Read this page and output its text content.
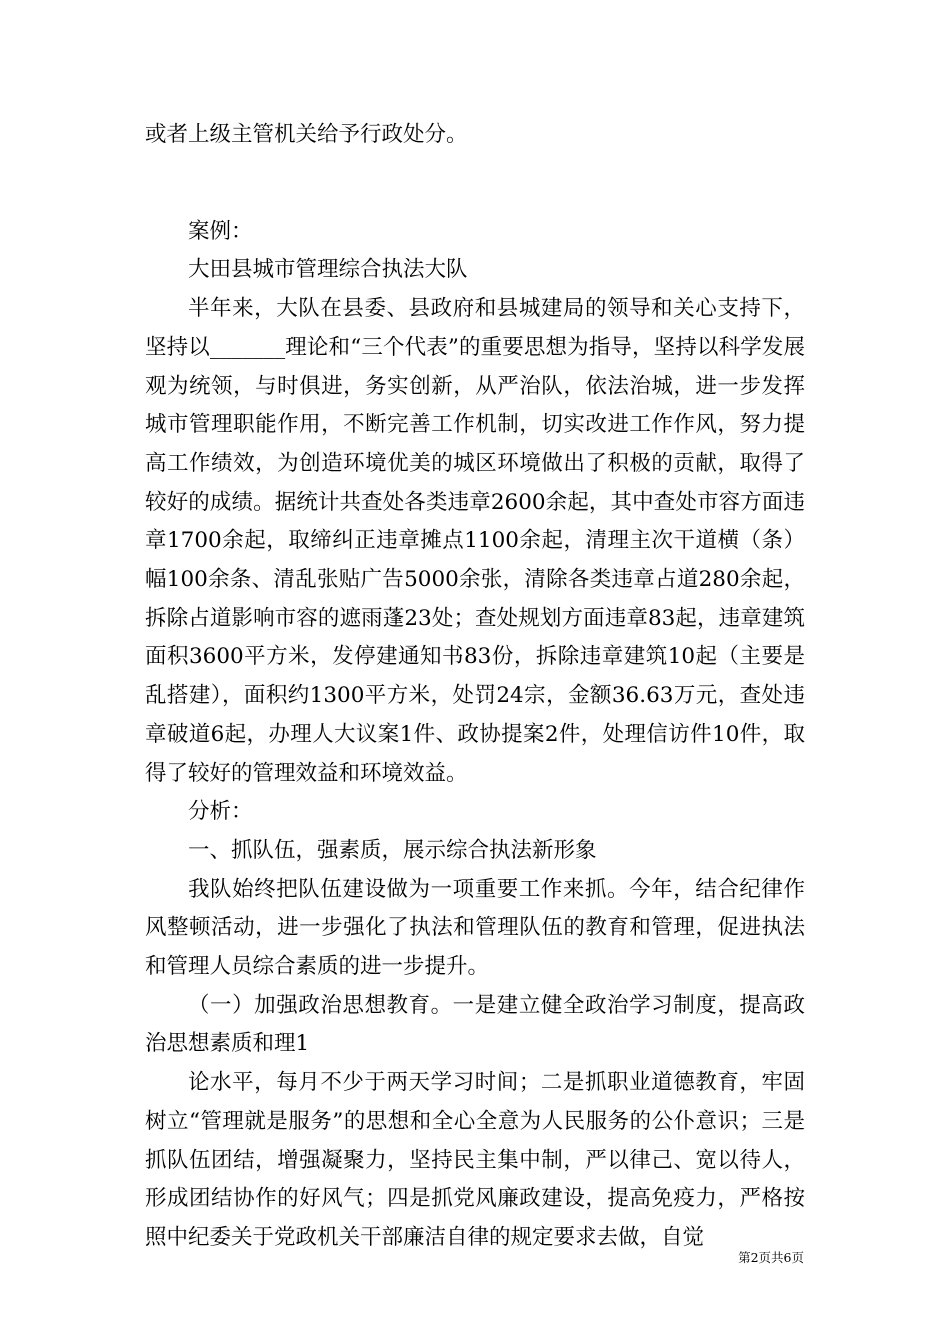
或者上级主管机关给予行政处分。

案例：

大田县城市管理综合执法大队

半年来，大队在县委、县政府和县城建局的领导和关心支持下，坚持以_______理论和“三个代表”的重要思想为指导，坚持以科学发展观为统领，与时俱进，务实创新，从严治队，依法治城，进一步发挥城市管理职能作用，不断完善工作机制，切实改进工作作风，努力提高工作绩效，为创造环境优美的城区环境做出了积极的贡献，取得了较好的成绩。据统计共查处各类违章2600余起，其中查处市容方面违章1700余起，取缔纠正违章摊点1100余起，清理主次干道横（条）幅100余条、清乱张贴广告5000余张，清除各类违章占道280余起，拆除占道影响市容的遮雨蓬23处；查处规划方面违章83起，违章建筑面积3600平方米，发停建通知书83份，拆除违章建筑10起（主要是乱搭建），面积约1300平方米，处罚24宗，金额36.63万元，查处违章破道6起，办理人大议案1件、政协提案2件，处理信访件10件，取得了较好的管理效益和环境效益。

分析：

一、抓队伍，强素质，展示综合执法新形象

我队始终把队伍建设做为一项重要工作来抓。今年，结合纪律作风整顿活动，进一步强化了执法和管理队伍的教育和管理，促进执法和管理人员综合素质的进一步提升。

（一）加强政治思想教育。一是建立健全政治学习制度，提高政治思想素质和理1

论水平，每月不少于两天学习时间；二是抓职业道德教育，牢固树立“管理就是服务”的思想和全心全意为人民服务的公仆意识；三是抓队伍团结，增强凝聚力，坚持民主集中制，严以律己、宽以待人，形成团结协作的好风气；四是抓党风廉政建设，提高免疫力，严格按照中纪委关于党政机关干部廉洁自律的规定要求去做，自觉

第2页共6页
